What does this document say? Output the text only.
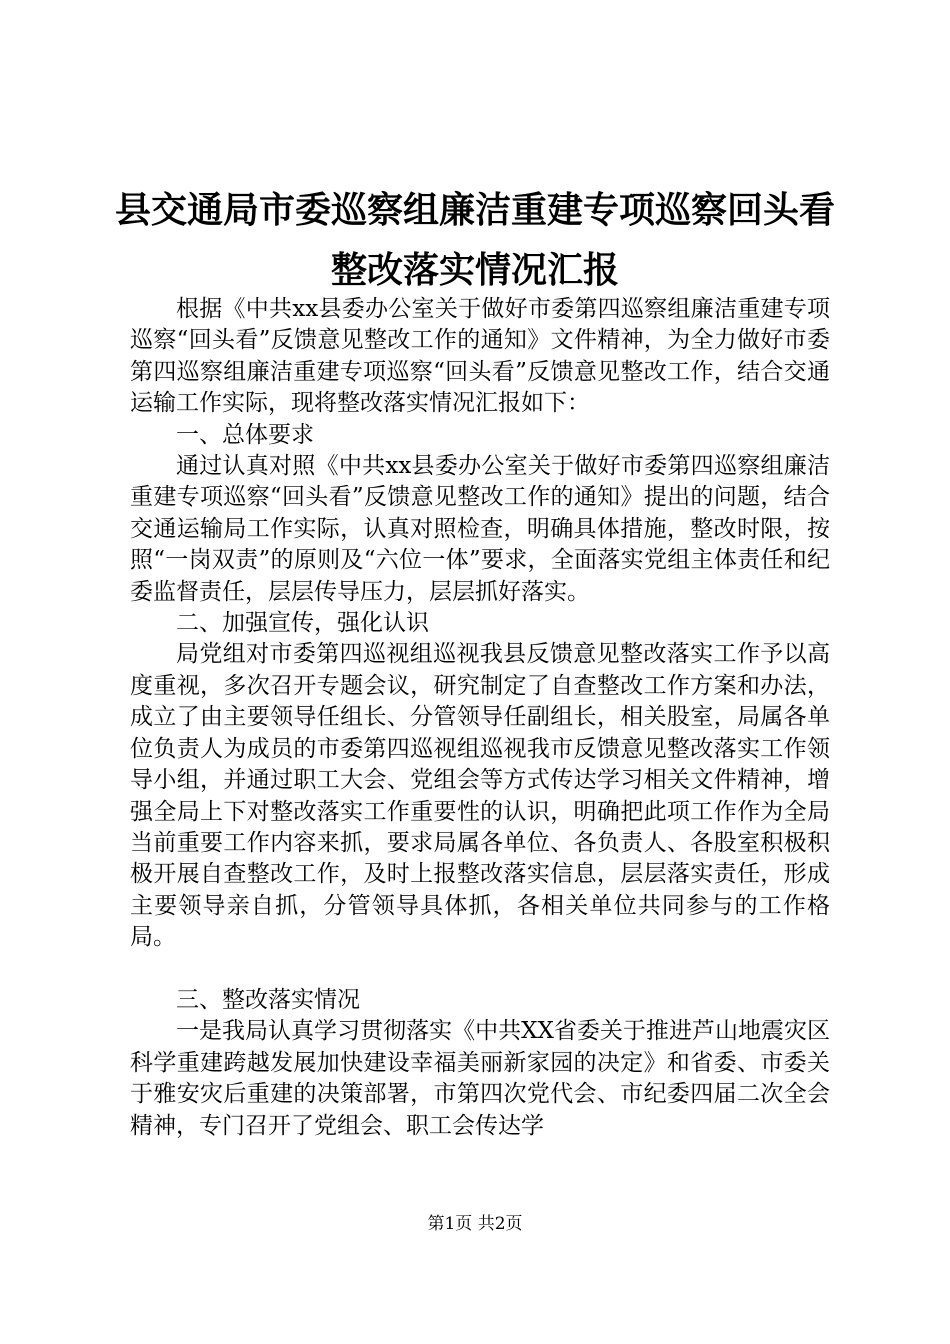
县交通局市委巡察组廉洁重建专项巡察回头看
整改落实情况汇报

根据《中共xx县委办公室关于做好市委第四巡察组廉洁重建专项巡察“回头看”反馈意见整改工作的通知》文件精神，为全力做好市委第四巡察组廉洁重建专项巡察“回头看”反馈意见整改工作，结合交通运输工作实际，现将整改落实情况汇报如下：

一、总体要求

通过认真对照《中共xx县委办公室关于做好市委第四巡察组廉洁重建专项巡察“回头看”反馈意见整改工作的通知》提出的问题，结合交通运输局工作实际，认真对照检查，明确具体措施，整改时限，按照“一岗双责”的原则及“六位一体”要求，全面落实党组主体责任和纪委监督责任，层层传导压力，层层抓好落实。

二、加强宣传，强化认识

局党组对市委第四巡视组巡视我县反馈意见整改落实工作予以高度重视，多次召开专题会议，研究制定了自查整改工作方案和办法，成立了由主要领导任组长、分管领导任副组长，相关股室，局属各单位负责人为成员的市委第四巡视组巡视我市反馈意见整改落实工作领导小组，并通过职工大会、党组会等方式传达学习相关文件精神，增强全局上下对整改落实工作重要性的认识，明确把此项工作作为全局当前重要工作内容来抓，要求局属各单位、各负责人、各股室积极积极开展自查整改工作，及时上报整改落实信息，层层落实责任，形成主要领导亲自抓，分管领导具体抓，各相关单位共同参与的工作格局。

三、整改落实情况

一是我局认真学习贯彻落实《中共XX省委关于推进芦山地震灾区科学重建跨越发展加快建设幸福美丽新家园的决定》和省委、市委关于雅安灾后重建的决策部署，市第四次党代会、市纪委四届二次全会精神，专门召开了党组会、职工会传达学

第1页 共2页
